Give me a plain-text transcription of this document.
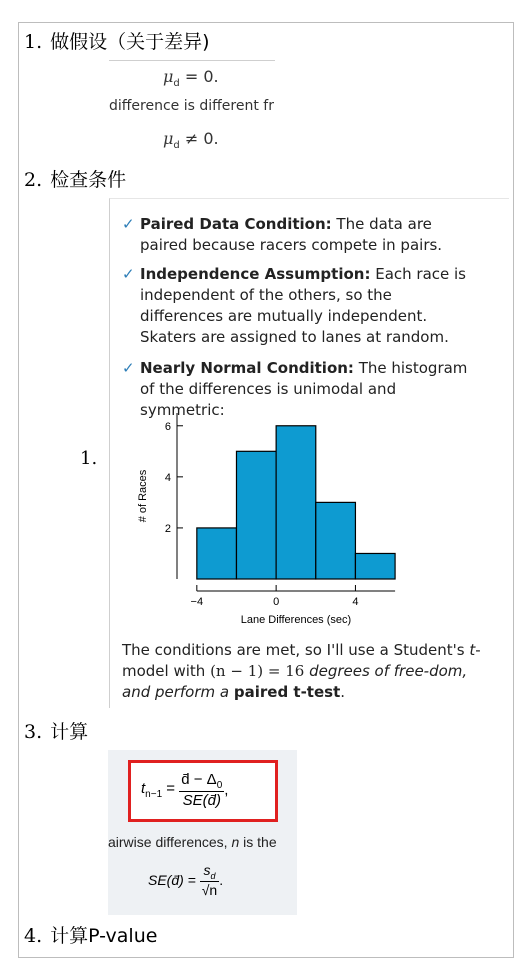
1. 做假设（关于差异)
$\mu_d = 0$.
difference is different fr
$\mu_d \ne 0$.
2. 检查条件
1.
✓ Paired Data Condition: The data are paired because racers compete in pairs.
✓ Independence Assumption: Each race is independent of the others, so the differences are mutually independent. Skaters are assigned to lanes at random.
✓ Nearly Normal Condition: The histogram of the differences is unimodal and symmetric:
2
4
6
−4	0	4
Lane Differences (sec)
# of Races
The conditions are met, so I'll use a Student's t-model with (n − 1) = 16 degrees of free-dom, and perform a paired t-test.
3. 计算
$t_{n-1} = \frac{d̄ - \Delta_0}{SE(d̄)}$ ,
airwise differences, n is the
SE(d̄) = $\frac{s_d}{√n}$ .
4. 计算P-value
